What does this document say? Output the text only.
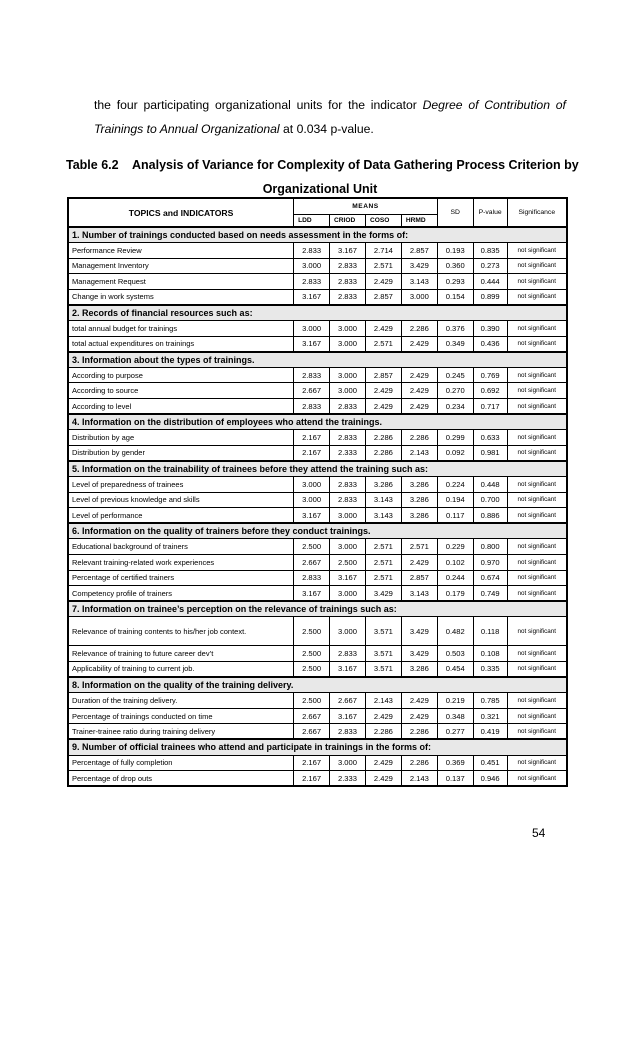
the four participating organizational units for the indicator Degree of Contribution of
Trainings to Annual Organizational at 0.034 p-value.
Table 6.2    Analysis of Variance for Complexity of Data Gathering Process Criterion by
Organizational Unit
TOPICS and INDICATORS	MEANS				SD	P-value	Significance
	LDD	CRIOD	COSO	HRMD			
1. Number of trainings conducted based on needs assessment in the forms of:							
Performance Review	2.833	3.167	2.714	2.857	0.193	0.835	not significant
Management Inventory	3.000	2.833	2.571	3.429	0.360	0.273	not significant
Management Request	2.833	2.833	2.429	3.143	0.293	0.444	not significant
Change in work systems	3.167	2.833	2.857	3.000	0.154	0.899	not significant
2. Records of financial resources such as:							
total annual budget for trainings	3.000	3.000	2.429	2.286	0.376	0.390	not significant
total actual expenditures on trainings	3.167	3.000	2.571	2.429	0.349	0.436	not significant
3. Information about the types of trainings.							
According to purpose	2.833	3.000	2.857	2.429	0.245	0.769	not significant
According to source	2.667	3.000	2.429	2.429	0.270	0.692	not significant
According to level	2.833	2.833	2.429	2.429	0.234	0.717	not significant
4. Information on the distribution of employees who attend the trainings.							
Distribution by age	2.167	2.833	2.286	2.286	0.299	0.633	not significant
Distribution by gender	2.167	2.333	2.286	2.143	0.092	0.981	not significant
5. Information on the trainability of trainees before they attend the training such as:							
Level of preparedness of trainees	3.000	2.833	3.286	3.286	0.224	0.448	not significant
Level of previous knowledge and skills	3.000	2.833	3.143	3.286	0.194	0.700	not significant
Level of performance	3.167	3.000	3.143	3.286	0.117	0.886	not significant
6. Information on the quality of trainers before they conduct trainings.							
Educational background of trainers	2.500	3.000	2.571	2.571	0.229	0.800	not significant
Relevant training-related work experiences	2.667	2.500	2.571	2.429	0.102	0.970	not significant
Percentage of certified trainers	2.833	3.167	2.571	2.857	0.244	0.674	not significant
Competency profile of trainers	3.167	3.000	3.429	3.143	0.179	0.749	not significant
7. Information on trainee’s perception on the relevance of trainings such as:							
Relevance of training contents to his/her job context.	2.500	3.000	3.571	3.429	0.482	0.118	not significant
Relevance of training to future career dev’t	2.500	2.833	3.571	3.429	0.503	0.108	not significant
Applicability of training to current job.	2.500	3.167	3.571	3.286	0.454	0.335	not significant
8. Information on the quality of the training delivery.							
Duration of the training delivery.	2.500	2.667	2.143	2.429	0.219	0.785	not significant
Percentage of trainings conducted on time	2.667	3.167	2.429	2.429	0.348	0.321	not significant
Trainer-trainee ratio during training delivery	2.667	2.833	2.286	2.286	0.277	0.419	not significant
9. Number of official trainees who attend and participate in trainings in the forms of:							
Percentage of fully completion	2.167	3.000	2.429	2.286	0.369	0.451	not significant
Percentage of drop outs	2.167	2.333	2.429	2.143	0.137	0.946	not significant
54
